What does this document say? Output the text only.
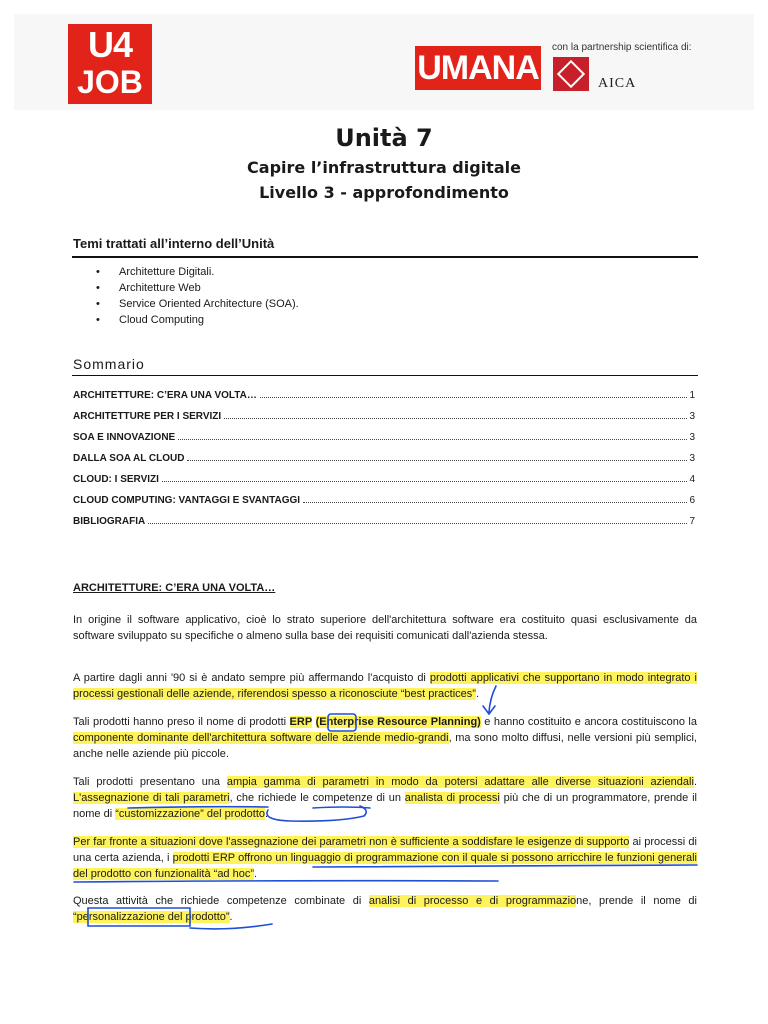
U4
JOB	UMANA
con la partnership scientifica di:
AICA
Unità 7
Capire l’infrastruttura digitale
Livello 3 - approfondimento
Temi trattati all’interno dell’Unità
• Architetture Digitali.
• Architetture Web
• Service Oriented Architecture (SOA).
• Cloud Computing
Sommario
ARCHITETTURE: C’ERA UNA VOLTA…	1
ARCHITETTURE PER I SERVIZI	3
SOA E INNOVAZIONE	3
DALLA SOA AL CLOUD	3
CLOUD: I SERVIZI	4
CLOUD COMPUTING: VANTAGGI E SVANTAGGI	6
BIBLIOGRAFIA	7
ARCHITETTURE: C’ERA UNA VOLTA…
In origine il software applicativo, cioè lo strato superiore dell'architettura software era costituito quasi esclusivamente da software sviluppato su specifiche o almeno sulla base dei requisiti comunicati dall'azienda stessa.
A partire dagli anni '90 si è andato sempre più affermando l'acquisto di prodotti applicativi che supportano in modo integrato i processi gestionali delle aziende, riferendosi spesso a riconosciute “best practices”.
Tali prodotti hanno preso il nome di prodotti ERP (Enterprise Resource Planning) e hanno costituito e ancora costituiscono la componente dominante dell'architettura software delle aziende medio-grandi, ma sono molto diffusi, nelle versioni più semplici, anche nelle aziende più piccole.
Tali prodotti presentano una ampia gamma di parametri in modo da potersi adattare alle diverse situazioni aziendali. L'assegnazione di tali parametri, che richiede le competenze di un analista di processi più che di un programmatore, prende il nome di “customizzazione” del prodotto.
Per far fronte a situazioni dove l'assegnazione dei parametri non è sufficiente a soddisfare le esigenze di supporto ai processi di una certa azienda, i prodotti ERP offrono un linguaggio di programmazione con il quale si possono arricchire le funzioni generali del prodotto con funzionalità “ad hoc”.
Questa attività che richiede competenze combinate di analisi di processo e di programmazione, prende il nome di “personalizzazione del prodotto”.
